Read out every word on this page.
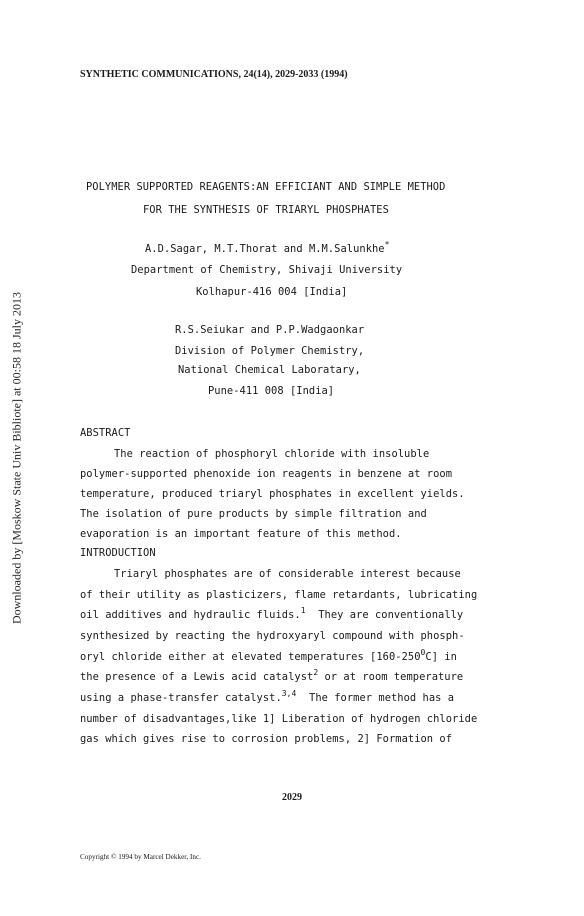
SYNTHETIC COMMUNICATIONS, 24(14), 2029-2033 (1994)
Downloaded by [Moskow State Univ Bibliote] at 00:58 18 July 2013
POLYMER SUPPORTED REAGENTS:AN EFFICIANT AND SIMPLE METHOD
FOR THE SYNTHESIS OF TRIARYL PHOSPHATES
A.D.Sagar, M.T.Thorat and M.M.Salunkhe*
Department of Chemistry, Shivaji University
Kolhapur-416 004 [India]
R.S.Seiukar and P.P.Wadgaonkar
Division of Polymer Chemistry,
National Chemical Laboratary,
Pune-411 008 [India]
ABSTRACT
The reaction of phosphoryl chloride with insoluble
polymer-supported phenoxide ion reagents in benzene at room
temperature, produced triaryl phosphates in excellent yields.
The isolation of pure products by simple filtration and
evaporation is an important feature of this method.
INTRODUCTION
Triaryl phosphates are of considerable interest because
of their utility as plasticizers, flame retardants, lubricating
oil additives and hydraulic fluids.$^1$ They are conventionally
synthesized by reacting the hydroxyaryl compound with phosph-
oryl chloride either at elevated temperatures $[160-250^0C]$ in
the presence of a Lewis acid catalyst$^2$ or at room temperature
using a phase-transfer catalyst.$^{3,4}$ The former method has a
number of disadvantages,like 1] Liberation of hydrogen chloride
gas which gives rise to corrosion problems, 2] Formation of
2029
Copyright © 1994 by Marcel Dekker, Inc.
